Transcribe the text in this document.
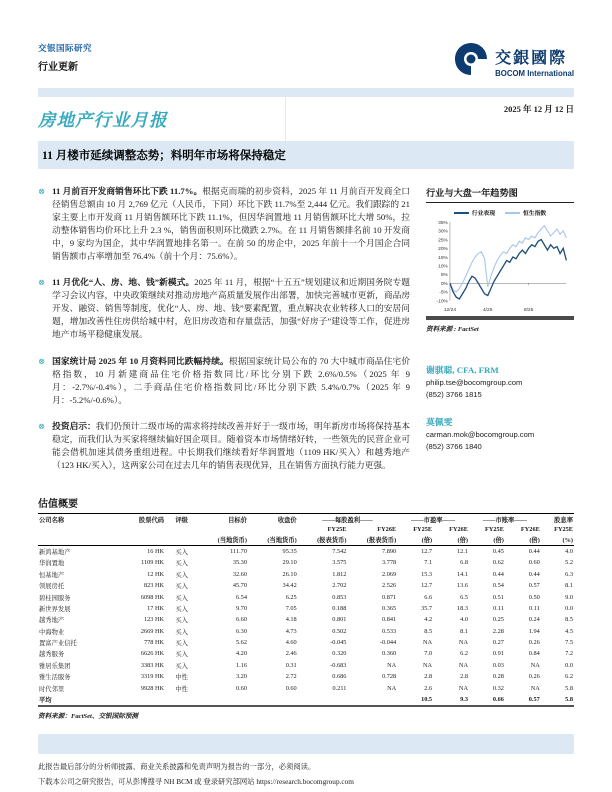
交银国际研究
行业更新
交銀國際
BOCOM International
房地产行业月报
2025 年 12 月 12 日
11 月楼市延续调整态势；料明年市场将保持稳定
⊗ 11 月前百开发商销售环比下跌 11.7%。根据克而瑞的初步资料，2025 年 11 月前百开发商全口径销售总额由 10 月 2,769 亿元（人民币，下同）环比下跌 11.7%至 2,444 亿元。我们跟踪的 21 家主要上市开发商 11 月销售额环比下跌 11.1%，但因华润置地 11 月销售额环比大增 50%，拉动整体销售均价环比上升 2.3 %，销售面积则环比微跌 2.7%。在 11 月销售额排名前 10 开发商中，9 家均为国企，其中华润置地排名第一。在前 50 的房企中，2025 年前十一个月国企合同销售额市占率增加至 76.4%（前十个月：75.6%）。
⊗ 11 月优化“人、房、地、钱”新模式。2025 年 11 月，根据“十五五”规划建议和近期国务院专题学习会议内容，中央政策继续对推动房地产高质量发展作出部署，加快完善城市更新，商品房开发、融资、销售等制度，优化“人、房、地、钱”要素配置，重点解决农业转移人口的安居问题，增加改善性住房供给城中村，危旧房改造和存量盘活，加强“好房子”建设等工作，促进房地产市场平稳健康发展。
⊗ 国家统计局 2025 年 10 月资料同比跌幅持续。根据国家统计局公布的 70 大中城市商品住宅价格指数，10 月新建商品住宅价格指数同比/环比分别下跌 2.6%/0.5%（2025 年 9 月：-2.7%/-0.4%），二手商品住宅价格指数同比/环比分别下跌 5.4%/0.7%（2025 年 9 月：-5.2%/-0.6%）。
⊗ 投资启示：我们仍预计二级市场的需求将持续改善并好于一级市场，明年新房市场将保持基本稳定，而我们认为买家将继续偏好国企项目。随着资本市场情绪好转，一些领先的民营企业可能会借机加速其债务重组进程。中长期我们继续看好华润置地（1109 HK/买入）和越秀地产（123 HK/买入），这两家公司在过去几年的销售表现优异，且在销售方面执行能力更强。
行业与大盘一年趋势图
行业表现	恒生指数
35%
30%
25%
20%
15%
10%
5%
0%
-5%
-10%
12/24	4/25	8/25
资料来源 : FactSet
谢骐聪, CFA, FRM
philip.tse@bocomgroup.com
(852) 3766 1815
莫佩雯
carman.mok@bocomgroup.com
(852) 3766 1840
估值概要
公司名称	股票代码	评级	目标价	收盘价	——每股盈利——		——市盈率——		——市账率——		股息率
					FY25E	FY26E	FY25E	FY26E	FY25E	FY26E	FY25E
			(当地货币)	(当地货币)	(报表货币)	(报表货币)	(倍)	(倍)	(倍)	(倍)	(%)
新鸿基地产	16 HK	买入	111.70	95.35	7.542	7.890	12.7	12.1	0.45	0.44	4.0
华润置地	1109 HK	买入	35.30	29.10	3.575	3.778	7.1	6.8	0.62	0.60	5.2
恒基地产	12 HK	买入	32.60	26.10	1.812	2.069	15.3	14.1	0.44	0.44	6.3
领展房托	823 HK	买入	45.70	34.42	2.702	2.526	12.7	13.6	0.54	0.57	8.1
碧桂园服务	6098 HK	买入	6.54	6.25	0.853	0.871	6.6	6.5	0.51	0.50	9.0
新世界发展	17 HK	买入	9.70	7.05	0.188	0.365	35.7	18.3	0.11	0.11	0.0
越秀地产	123 HK	买入	6.60	4.18	0.801	0.841	4.2	4.0	0.25	0.24	8.5
中海物业	2669 HK	买入	6.30	4.73	0.502	0.533	8.5	8.1	2.28	1.94	4.5
置富产业信托	778 HK	买入	5.62	4.60	-0.045	-0.044	NA	NA	0.27	0.26	7.5
越秀服务	6626 HK	买入	4.20	2.46	0.320	0.360	7.0	6.2	0.91	0.84	7.2
雅居乐集团	3383 HK	买入	1.16	0.31	-0.683	NA	NA	NA	0.03	NA	0.0
雅生活服务	3319 HK	中性	3.20	2.72	0.686	0.728	2.8	2.8	0.28	0.26	6.2
时代邻里	9928 HK	中性	0.60	0.60	0.211	NA	2.6	NA	0.32	NA	5.8
平均							10.5	9.3	0.66	0.57	5.8
资料来源：FactSet、交银国际预测
此报告最后部分的分析师披露、商业关系披露和免责声明为报告的一部分，必须阅读。
下载本公司之研究报告，可从彭博搜寻 NH BCM 或 登录研究部网站 https://research.bocomgroup.com
